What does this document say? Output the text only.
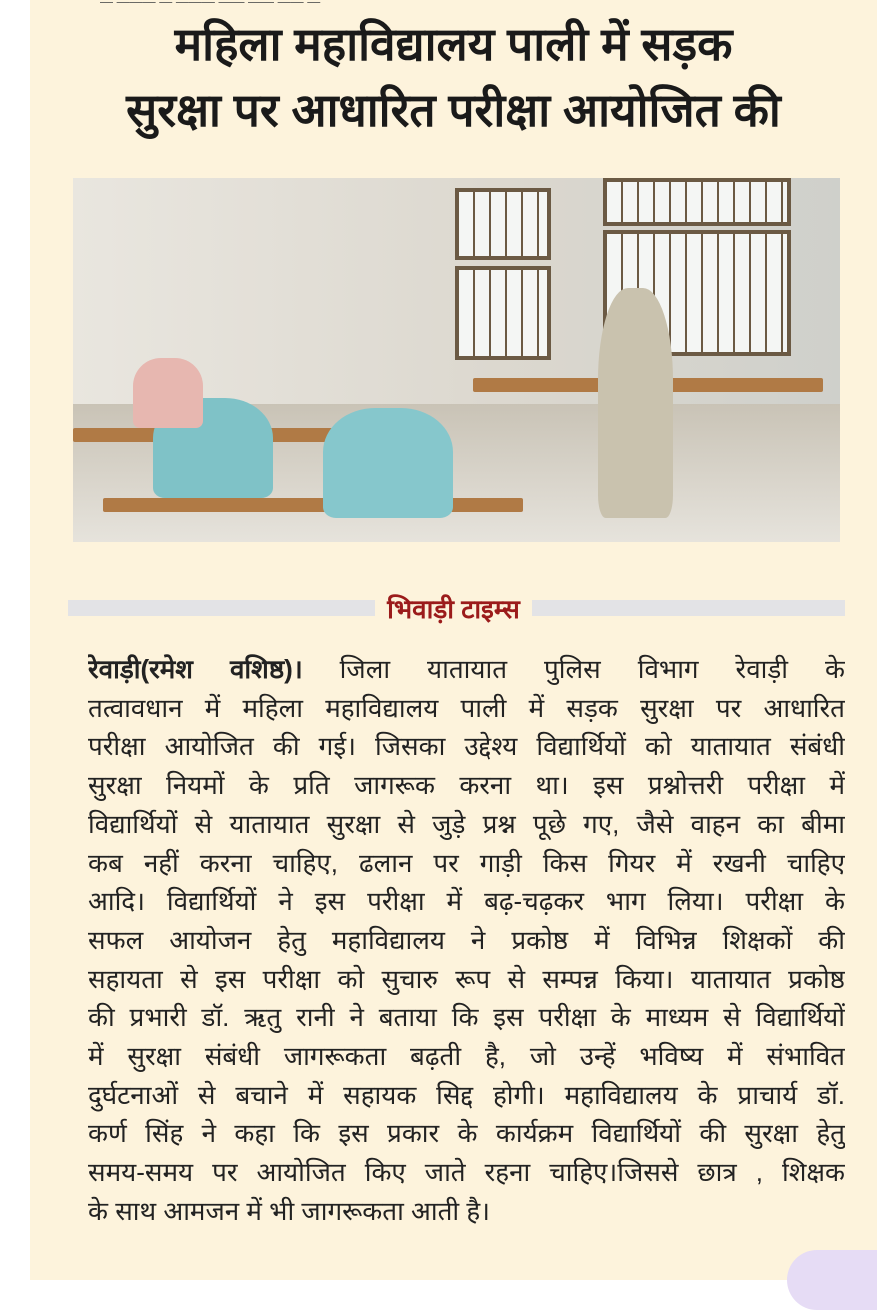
— ——— — ——— —— —— —— —
महिला महाविद्यालय पाली में सड़क
सुरक्षा पर आधारित परीक्षा आयोजित की
भिवाड़ी टाइम्स
रेवाड़ी(रमेश वशिष्ठ)। जिला यातायात पुलिस विभाग रेवाड़ी के
तत्वावधान में महिला महाविद्यालय पाली में सड़क सुरक्षा पर आधारित
परीक्षा आयोजित की गई। जिसका उद्देश्य विद्यार्थियों को यातायात संबंधी
सुरक्षा नियमों के प्रति जागरूक करना था। इस प्रश्नोत्तरी परीक्षा में
विद्यार्थियों से यातायात सुरक्षा से जुड़े प्रश्न पूछे गए, जैसे वाहन का बीमा
कब नहीं करना चाहिए, ढलान पर गाड़ी किस गियर में रखनी चाहिए
आदि। विद्यार्थियों ने इस परीक्षा में बढ़-चढ़कर भाग लिया। परीक्षा के
सफल आयोजन हेतु महाविद्यालय ने प्रकोष्ठ में विभिन्न शिक्षकों की
सहायता से इस परीक्षा को सुचारु रूप से सम्पन्न किया। यातायात प्रकोष्ठ
की प्रभारी डॉ. ऋतु रानी ने बताया कि इस परीक्षा के माध्यम से विद्यार्थियों
में सुरक्षा संबंधी जागरूकता बढ़ती है, जो उन्हें भविष्य में संभावित
दुर्घटनाओं से बचाने में सहायक सिद्द होगी। महाविद्यालय के प्राचार्य डॉ.
कर्ण सिंह ने कहा कि इस प्रकार के कार्यक्रम विद्यार्थियों की सुरक्षा हेतु
समय-समय पर आयोजित किए जाते रहना चाहिए।जिससे छात्र , शिक्षक
के साथ आमजन में भी जागरूकता आती है।
